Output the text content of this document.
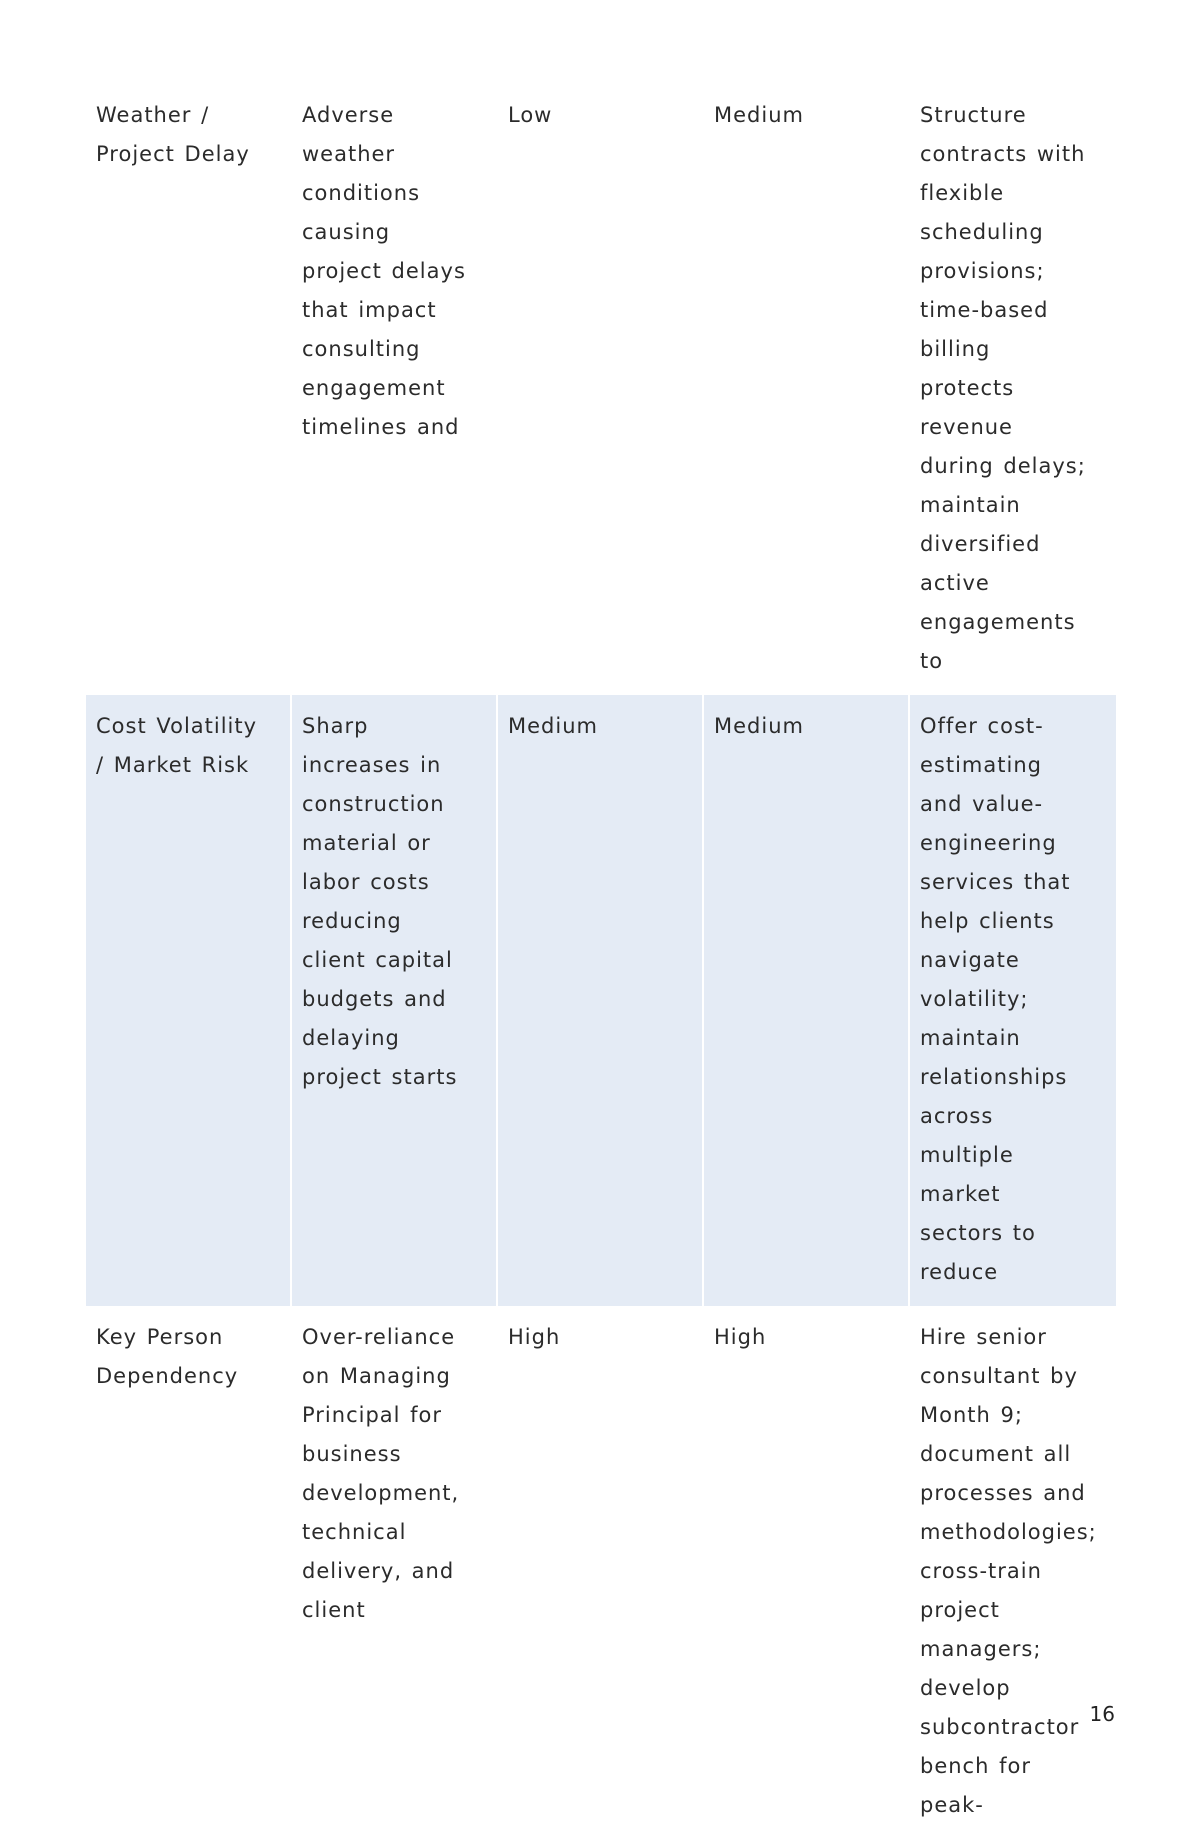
Weather / Project Delay	Adverse weather conditions causing project delays that impact consulting engagement timelines and	Low	Medium	Structure contracts with flexible scheduling provisions; time-based billing protects revenue during delays; maintain diversified active engagements to

Cost Volatility / Market Risk	Sharp increases in construction material or labor costs reducing client capital budgets and delaying project starts	Medium	Medium	Offer cost-estimating and value-engineering services that help clients navigate volatility; maintain relationships across multiple market sectors to reduce

Key Person Dependency	Over-reliance on Managing Principal for business development, technical delivery, and client	High	High	Hire senior consultant by Month 9; document all processes and methodologies; cross-train project managers; develop subcontractor bench for peak-
16
